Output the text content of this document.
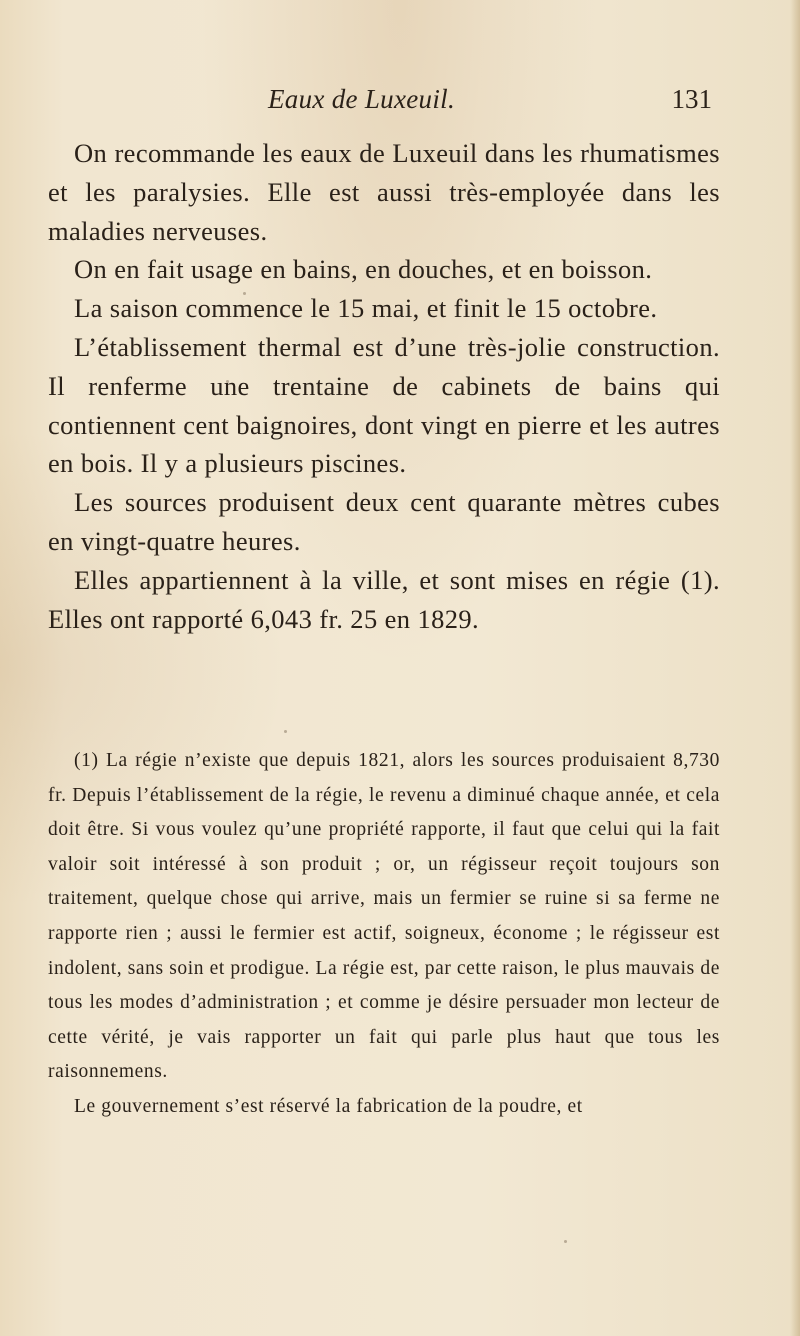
Eaux de Luxeuil.	131

On recommande les eaux de Luxeuil dans les rhumatismes et les paralysies. Elle est aussi très-employée dans les maladies nerveuses.

On en fait usage en bains, en douches, et en boisson.

La saison commence le 15 mai, et finit le 15 octobre.

L’établissement thermal est d’une très-jolie construction. Il renferme une trentaine de cabinets de bains qui contiennent cent baignoires, dont vingt en pierre et les autres en bois. Il y a plusieurs piscines.

Les sources produisent deux cent quarante mètres cubes en vingt-quatre heures.

Elles appartiennent à la ville, et sont mises en régie (1). Elles ont rapporté 6,043 fr. 25 en 1829.

(1) La régie n’existe que depuis 1821, alors les sources produisaient 8,730 fr. Depuis l’établissement de la régie, le revenu a diminué chaque année, et cela doit être. Si vous voulez qu’une propriété rapporte, il faut que celui qui la fait valoir soit intéressé à son produit ; or, un régisseur reçoit toujours son traitement, quelque chose qui arrive, mais un fermier se ruine si sa ferme ne rapporte rien ; aussi le fermier est actif, soigneux, économe ; le régisseur est indolent, sans soin et prodigue. La régie est, par cette raison, le plus mauvais de tous les modes d’administration ; et comme je désire persuader mon lecteur de cette vérité, je vais rapporter un fait qui parle plus haut que tous les raisonnemens.

Le gouvernement s’est réservé la fabrication de la poudre, et
